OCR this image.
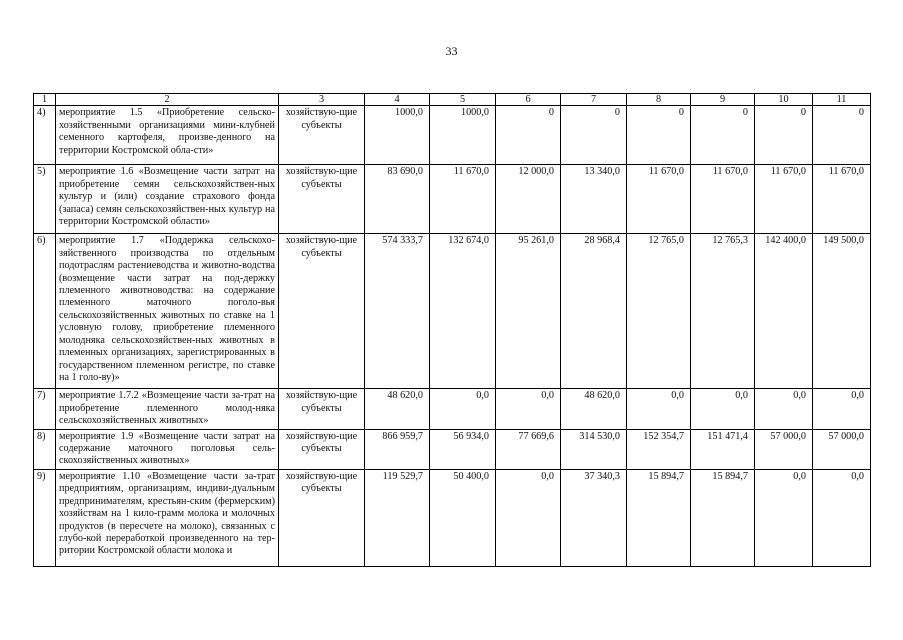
33
1	2	3	4	5	6	7	8	9	10	11
4)	мероприятие 1.5 «Приобретение сельско-хозяйственными организациями мини-клубней семенного картофеля, произве-денного на территории Костромской обла-сти»	хозяйствую-щие субъекты	1000,0	1000,0	0	0	0	0	0	0
5)	мероприятие 1.6 «Возмещение части затрат на приобретение семян сельскохозяйствен-ных культур и (или) создание страхового фонда (запаса) семян сельскохозяйствен-ных культур на территории Костромской области»	хозяйствую-щие субъекты	83 690,0	11 670,0	12 000,0	13 340,0	11 670,0	11 670,0	11 670,0	11 670,0
6)	мероприятие 1.7 «Поддержка сельскохо-зяйственного производства по отдельным подотраслям растениеводства и животно-водства (возмещение части затрат на под-держку племенного животноводства: на содержание племенного маточного поголо-вья сельскохозяйственных животных по ставке на 1 условную голову, приобретение племенного молодняка сельскохозяйствен-ных животных в племенных организациях, зарегистрированных в государственном племенном регистре, по ставке на 1 голо-ву)»	хозяйствую-щие субъекты	574 333,7	132 674,0	95 261,0	28 968,4	12 765,0	12 765,3	142 400,0	149 500,0
7)	мероприятие 1.7.2 «Возмещение части за-трат на приобретение племенного молод-няка сельскохозяйственных животных»	хозяйствую-щие субъекты	48 620,0	0,0	0,0	48 620,0	0,0	0,0	0,0	0,0
8)	мероприятие 1.9 «Возмещение части затрат на содержание маточного поголовья сель-скохозяйственных животных»	хозяйствую-щие субъекты	866 959,7	56 934,0	77 669,6	314 530,0	152 354,7	151 471,4	57 000,0	57 000,0
9)	мероприятие 1.10 «Возмещение части за-трат предприятиям, организациям, индиви-дуальным предпринимателям, крестьян-ским (фермерским) хозяйствам на 1 кило-грамм молока и молочных продуктов (в пересчете на молоко), связанных с глубо-кой переработкой произведенного на тер-ритории Костромской области молока и	хозяйствую-щие субъекты	119 529,7	50 400,0	0,0	37 340,3	15 894,7	15 894,7	0,0	0,0
